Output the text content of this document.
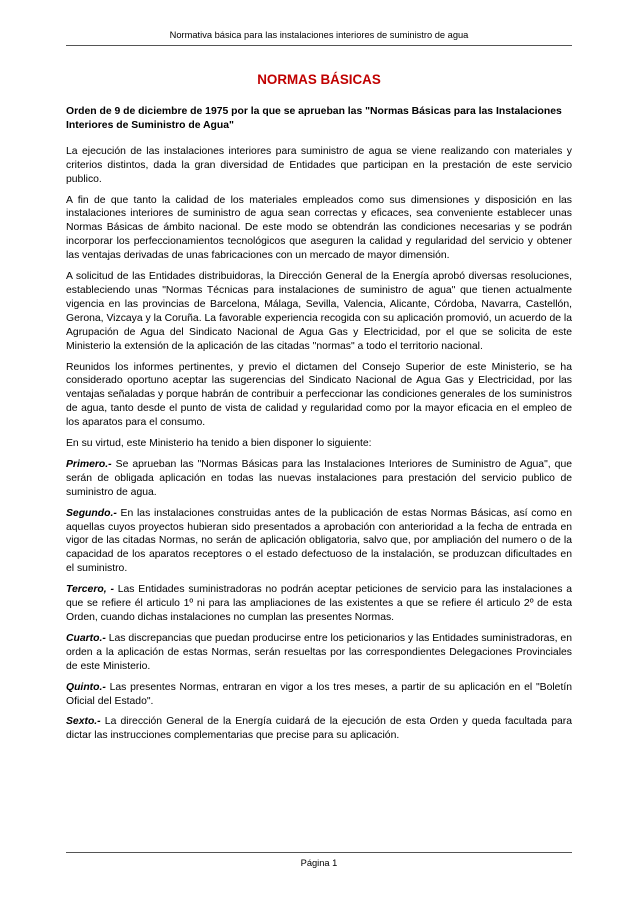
Normativa básica para las instalaciones interiores de suministro de agua
NORMAS BÁSICAS
Orden de 9 de diciembre de 1975 por la que se aprueban las "Normas Básicas para las Instalaciones Interiores de Suministro de Agua"

La ejecución de las instalaciones interiores para suministro de agua se viene realizando con materiales y criterios distintos, dada la gran diversidad de Entidades que participan en la prestación de este servicio publico.

A fin de que tanto la calidad de los materiales empleados como sus dimensiones y disposición en las instalaciones interiores de suministro de agua sean correctas y eficaces, sea conveniente establecer unas Normas Básicas de ámbito nacional. De este modo se obtendrán las condiciones necesarias y se podrán incorporar los perfeccionamientos tecnológicos que aseguren la calidad y regularidad del servicio y obtener las ventajas derivadas de unas fabricaciones con un mercado de mayor dimensión.

A solicitud de las Entidades distribuidoras, la Dirección General de la Energía aprobó diversas resoluciones, estableciendo unas "Normas Técnicas para instalaciones de suministro de agua" que tienen actualmente vigencia en las provincias de Barcelona, Málaga, Sevilla, Valencia, Alicante, Córdoba, Navarra, Castellón, Gerona, Vizcaya y la Coruña. La favorable experiencia recogida con su aplicación promovió, un acuerdo de la Agrupación de Agua del Sindicato Nacional de Agua Gas y Electricidad, por el que se solicita de este Ministerio la extensión de la aplicación de las citadas "normas" a todo el territorio nacional.

Reunidos los informes pertinentes, y previo el dictamen del Consejo Superior de este Ministerio, se ha considerado oportuno aceptar las sugerencias del Sindicato Nacional de Agua Gas y Electricidad, por las ventajas señaladas y porque habrán de contribuir a perfeccionar las condiciones generales de los suministros de agua, tanto desde el punto de vista de calidad y regularidad como por la mayor eficacia en el empleo de los aparatos para el consumo.

En su virtud, este Ministerio ha tenido a bien disponer lo siguiente:

Primero.- Se aprueban las "Normas Básicas para las Instalaciones Interiores de Suministro de Agua", que serán de obligada aplicación en todas las nuevas instalaciones para prestación del servicio publico de suministro de agua.

Segundo.- En las instalaciones construidas antes de la publicación de estas Normas Básicas, así como en aquellas cuyos proyectos hubieran sido presentados a aprobación con anterioridad a la fecha de entrada en vigor de las citadas Normas, no serán de aplicación obligatoria, salvo que, por ampliación del numero o de la capacidad de los aparatos receptores o el estado defectuoso de la instalación, se produzcan dificultades en el suministro.

Tercero, - Las Entidades suministradoras no podrán aceptar peticiones de servicio para las instalaciones a que se refiere él articulo 1º ni para las ampliaciones de las existentes a que se refiere él articulo 2º de esta Orden, cuando dichas instalaciones no cumplan las presentes Normas.

Cuarto.- Las discrepancias que puedan producirse entre los peticionarios y las Entidades suministradoras, en orden a la aplicación de estas Normas, serán resueltas por las correspondientes Delegaciones Provinciales de este Ministerio.

Quinto.- Las presentes Normas, entraran en vigor a los tres meses, a partir de su aplicación en el "Boletín Oficial del Estado".

Sexto.- La dirección General de la Energía cuidará de la ejecución de esta Orden y queda facultada para dictar las instrucciones complementarias que precise para su aplicación.

Página 1
